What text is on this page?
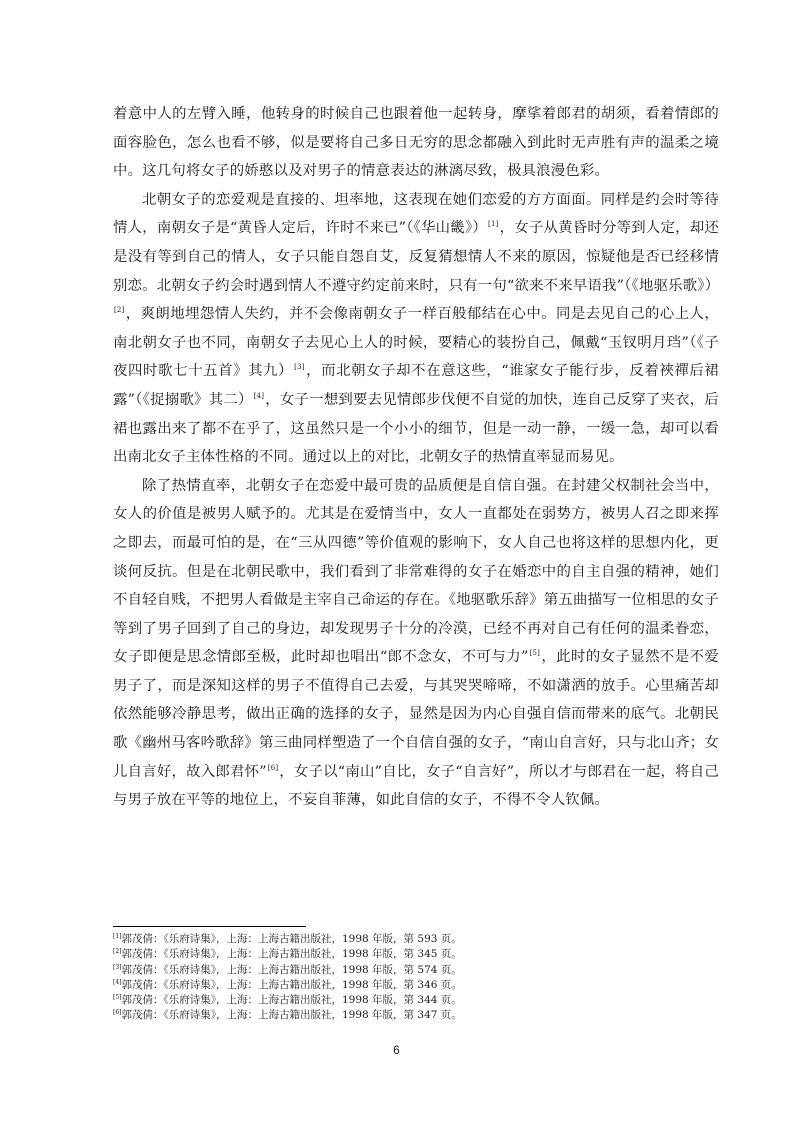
着意中人的左臂入睡，他转身的时候自己也跟着他一起转身，摩挲着郎君的胡须，看着情郎的面容脸色，怎么也看不够，似是要将自己多日无穷的思念都融入到此时无声胜有声的温柔之境中。这几句将女子的娇憨以及对男子的情意表达的淋漓尽致，极具浪漫色彩。

北朝女子的恋爱观是直接的、坦率地，这表现在她们恋爱的方方面面。同样是约会时等待情人，南朝女子是“黄昏人定后，许时不来已”（《华山畿》）[1]，女子从黄昏时分等到人定，却还是没有等到自己的情人，女子只能自怨自艾，反复猜想情人不来的原因，惊疑他是否已经移情别恋。北朝女子约会时遇到情人不遵守约定前来时，只有一句“欲来不来早语我”（《地驱乐歌》）[2]，爽朗地埋怨情人失约，并不会像南朝女子一样百般郁结在心中。同是去见自己的心上人，南北朝女子也不同，南朝女子去见心上人的时候，要精心的装扮自己，佩戴“玉钗明月珰”（《子夜四时歌七十五首》其九）[3]，而北朝女子却不在意这些，“谁家女子能行步，反着裌禪后裙露”（《捉搦歌》其二）[4]，女子一想到要去见情郎步伐便不自觉的加快，连自己反穿了夹衣，后裙也露出来了都不在乎了，这虽然只是一个小小的细节，但是一动一静，一缓一急，却可以看出南北女子主体性格的不同。通过以上的对比，北朝女子的热情直率显而易见。

除了热情直率，北朝女子在恋爱中最可贵的品质便是自信自强。在封建父权制社会当中，女人的价值是被男人赋予的。尤其是在爱情当中，女人一直都处在弱势方，被男人召之即来挥之即去，而最可怕的是，在“三从四德”等价值观的影响下，女人自己也将这样的思想内化，更谈何反抗。但是在北朝民歌中，我们看到了非常难得的女子在婚恋中的自主自强的精神，她们不自轻自贱，不把男人看做是主宰自己命运的存在。《地驱歌乐辞》第五曲描写一位相思的女子等到了男子回到了自己的身边，却发现男子十分的冷漠，已经不再对自己有任何的温柔眷恋，女子即便是思念情郎至极，此时却也唱出“郎不念女，不可与力”[5]，此时的女子显然不是不爱男子了，而是深知这样的男子不值得自己去爱，与其哭哭啼啼，不如潇洒的放手。心里痛苦却依然能够冷静思考，做出正确的选择的女子，显然是因为内心自强自信而带来的底气。北朝民歌《幽州马客吟歌辞》第三曲同样塑造了一个自信自强的女子，“南山自言好，只与北山齐；女儿自言好，故入郎君怀”[6]，女子以“南山”自比，女子“自言好”，所以才与郎君在一起，将自己与男子放在平等的地位上，不妄自菲薄，如此自信的女子，不得不令人钦佩。

[1]郭茂倩：《乐府诗集》，上海：上海古籍出版社，1998 年版，第 593 页。
[2]郭茂倩：《乐府诗集》，上海：上海古籍出版社，1998 年版，第 345 页。
[3]郭茂倩：《乐府诗集》，上海：上海古籍出版社，1998 年版，第 574 页。
[4]郭茂倩：《乐府诗集》，上海：上海古籍出版社，1998 年版，第 346 页。
[5]郭茂倩：《乐府诗集》，上海：上海古籍出版社，1998 年版，第 344 页。
[6]郭茂倩：《乐府诗集》，上海：上海古籍出版社，1998 年版，第 347 页。
6
